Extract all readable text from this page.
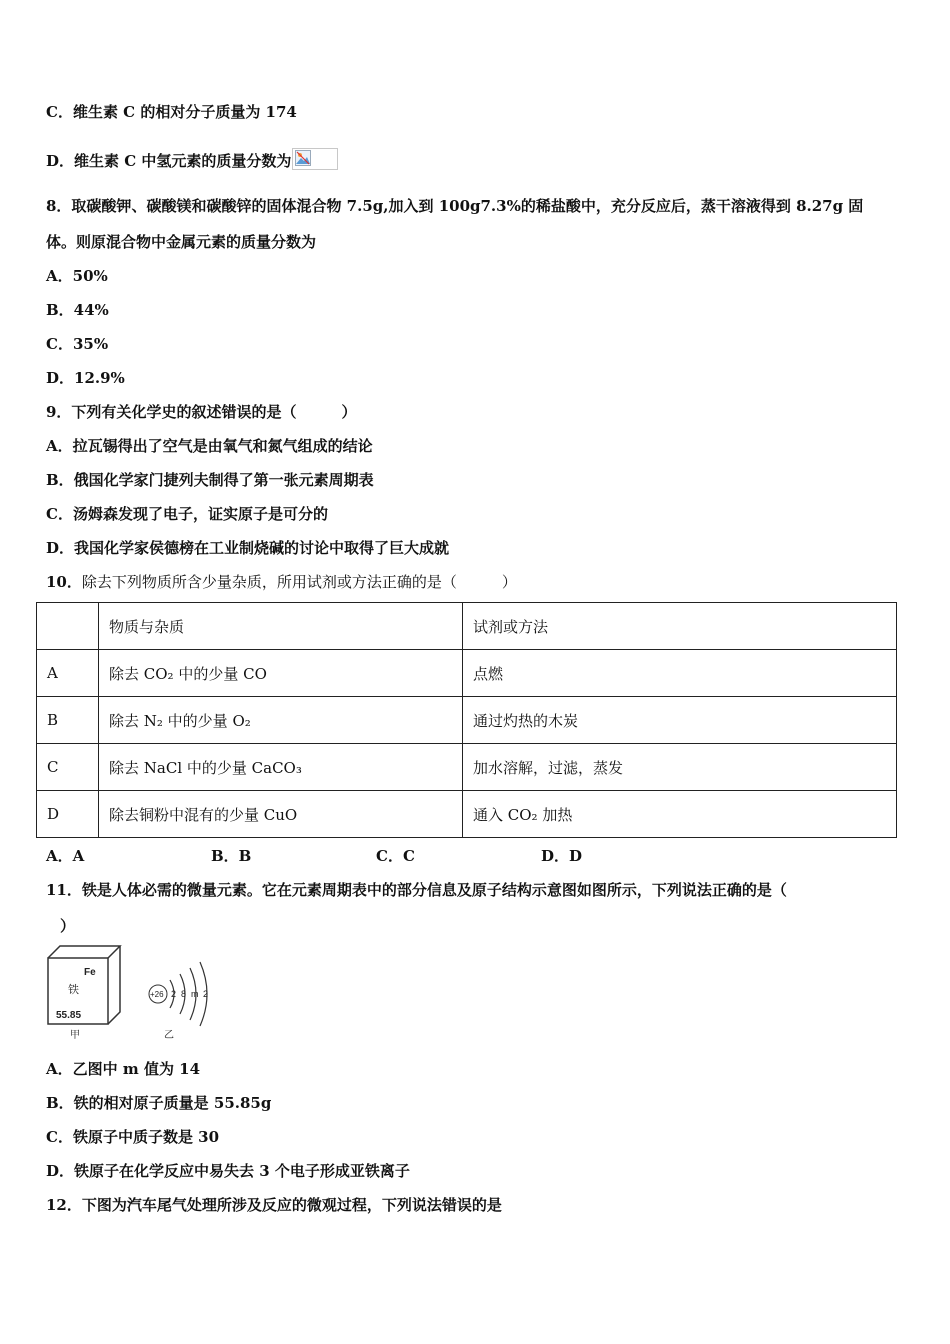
C．维生素 C 的相对分子质量为 174
D．维生素 C 中氢元素的质量分数为
8．取碳酸钾、碳酸镁和碳酸锌的固体混合物 7.5g,加入到 100g7.3%的稀盐酸中，充分反应后，蒸干溶液得到 8.27g 固
体。则原混合物中金属元素的质量分数为
A．50%
B．44%
C．35%
D．12.9%
9．下列有关化学史的叙述错误的是（　　　）
A．拉瓦锡得出了空气是由氧气和氮气组成的结论
B．俄国化学家门捷列夫制得了第一张元素周期表
C．汤姆森发现了电子，证实原子是可分的
D．我国化学家侯德榜在工业制烧碱的讨论中取得了巨大成就
10．除去下列物质所含少量杂质，所用试剂或方法正确的是（　　　）
	物质与杂质	试剂或方法
A	除去 CO₂ 中的少量 CO	点燃
B	除去 N₂ 中的少量 O₂	通过灼热的木炭
C	除去 NaCl 中的少量 CaCO₃	加水溶解，过滤，蒸发
D	除去铜粉中混有的少量 CuO	通入 CO₂ 加热
A．A	B．B	C．C	D．D
11．铁是人体必需的微量元素。它在元素周期表中的部分信息及原子结构示意图如图所示，下列说法正确的是（
）
Fe
铁
55.85
甲
+26 2 8 m 2
乙
A．乙图中 m 值为 14
B．铁的相对原子质量是 55.85g
C．铁原子中质子数是 30
D．铁原子在化学反应中易失去 3 个电子形成亚铁离子
12．下图为汽车尾气处理所涉及反应的微观过程，下列说法错误的是
